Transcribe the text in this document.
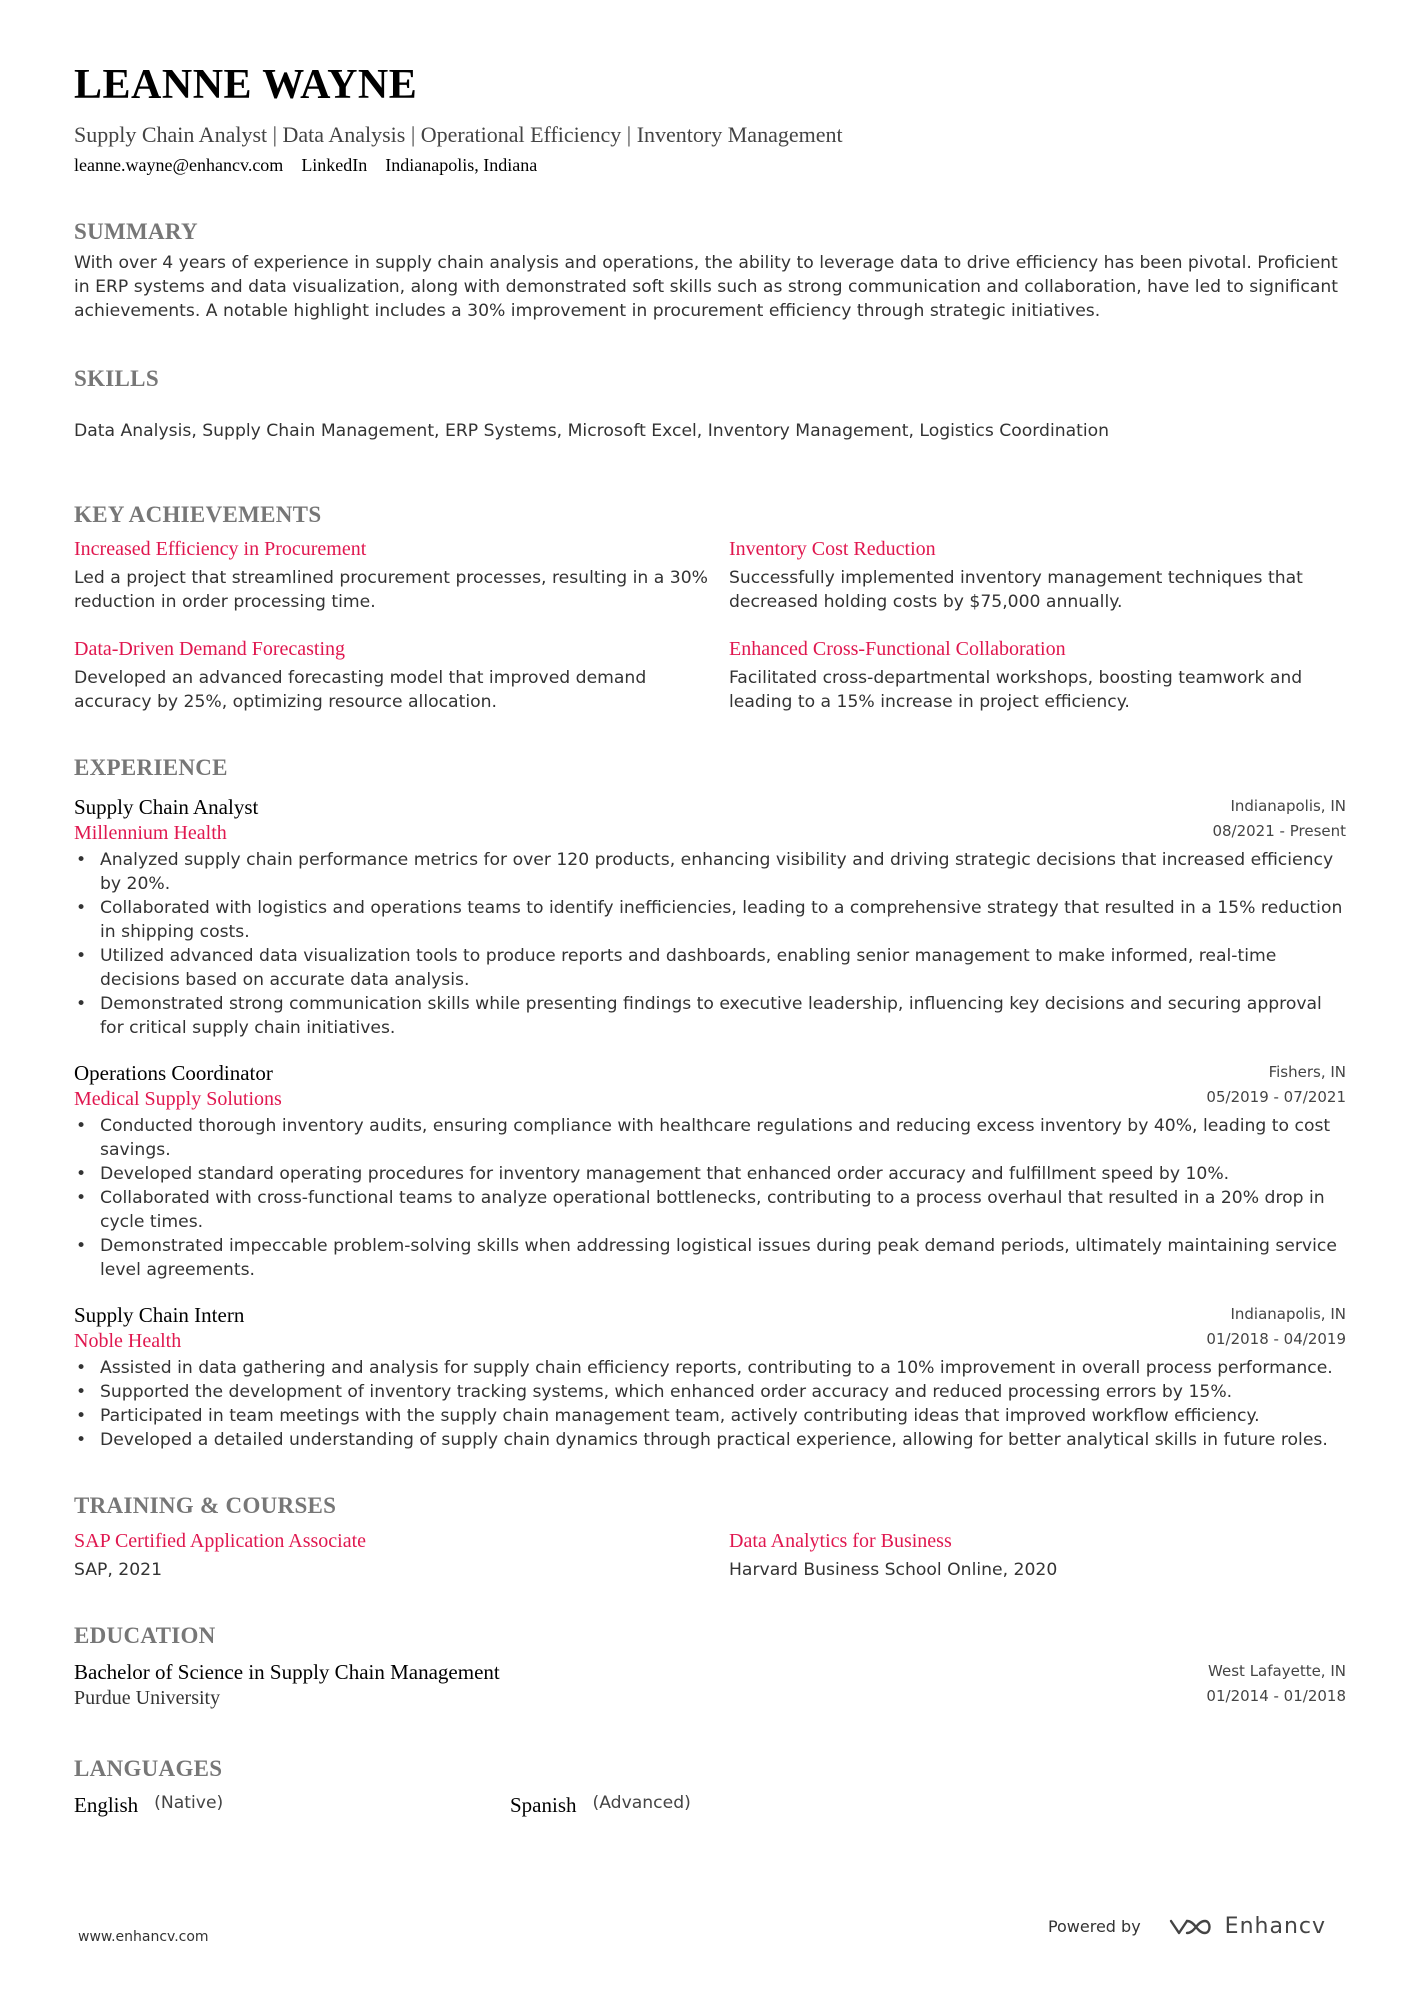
LEANNE WAYNE
Supply Chain Analyst | Data Analysis | Operational Efficiency | Inventory Management
leanne.wayne@enhancv.com LinkedIn Indianapolis, Indiana
SUMMARY
With over 4 years of experience in supply chain analysis and operations, the ability to leverage data to drive efficiency has been pivotal. Proficient in ERP systems and data visualization, along with demonstrated soft skills such as strong communication and collaboration, have led to significant achievements. A notable highlight includes a 30% improvement in procurement efficiency through strategic initiatives.
SKILLS
Data Analysis, Supply Chain Management, ERP Systems, Microsoft Excel, Inventory Management, Logistics Coordination
KEY ACHIEVEMENTS
Increased Efficiency in Procurement
Led a project that streamlined procurement processes, resulting in a 30% reduction in order processing time.
Inventory Cost Reduction
Successfully implemented inventory management techniques that decreased holding costs by $75,000 annually.
Data-Driven Demand Forecasting
Developed an advanced forecasting model that improved demand accuracy by 25%, optimizing resource allocation.
Enhanced Cross-Functional Collaboration
Facilitated cross-departmental workshops, boosting teamwork and leading to a 15% increase in project efficiency.
EXPERIENCE
Supply Chain Analyst
Millennium Health
Indianapolis, IN
08/2021 - Present
• Analyzed supply chain performance metrics for over 120 products, enhancing visibility and driving strategic decisions that increased efficiency by 20%.
• Collaborated with logistics and operations teams to identify inefficiencies, leading to a comprehensive strategy that resulted in a 15% reduction in shipping costs.
• Utilized advanced data visualization tools to produce reports and dashboards, enabling senior management to make informed, real-time decisions based on accurate data analysis.
• Demonstrated strong communication skills while presenting findings to executive leadership, influencing key decisions and securing approval for critical supply chain initiatives.
Operations Coordinator
Medical Supply Solutions
Fishers, IN
05/2019 - 07/2021
• Conducted thorough inventory audits, ensuring compliance with healthcare regulations and reducing excess inventory by 40%, leading to cost savings.
• Developed standard operating procedures for inventory management that enhanced order accuracy and fulfillment speed by 10%.
• Collaborated with cross-functional teams to analyze operational bottlenecks, contributing to a process overhaul that resulted in a 20% drop in cycle times.
• Demonstrated impeccable problem-solving skills when addressing logistical issues during peak demand periods, ultimately maintaining service level agreements.
Supply Chain Intern
Noble Health
Indianapolis, IN
01/2018 - 04/2019
• Assisted in data gathering and analysis for supply chain efficiency reports, contributing to a 10% improvement in overall process performance.
• Supported the development of inventory tracking systems, which enhanced order accuracy and reduced processing errors by 15%.
• Participated in team meetings with the supply chain management team, actively contributing ideas that improved workflow efficiency.
• Developed a detailed understanding of supply chain dynamics through practical experience, allowing for better analytical skills in future roles.
TRAINING & COURSES
SAP Certified Application Associate
SAP, 2021
Data Analytics for Business
Harvard Business School Online, 2020
EDUCATION
Bachelor of Science in Supply Chain Management
Purdue University
West Lafayette, IN
01/2014 - 01/2018
LANGUAGES
English (Native)	Spanish (Advanced)
www.enhancv.com
Powered by	Enhancv
